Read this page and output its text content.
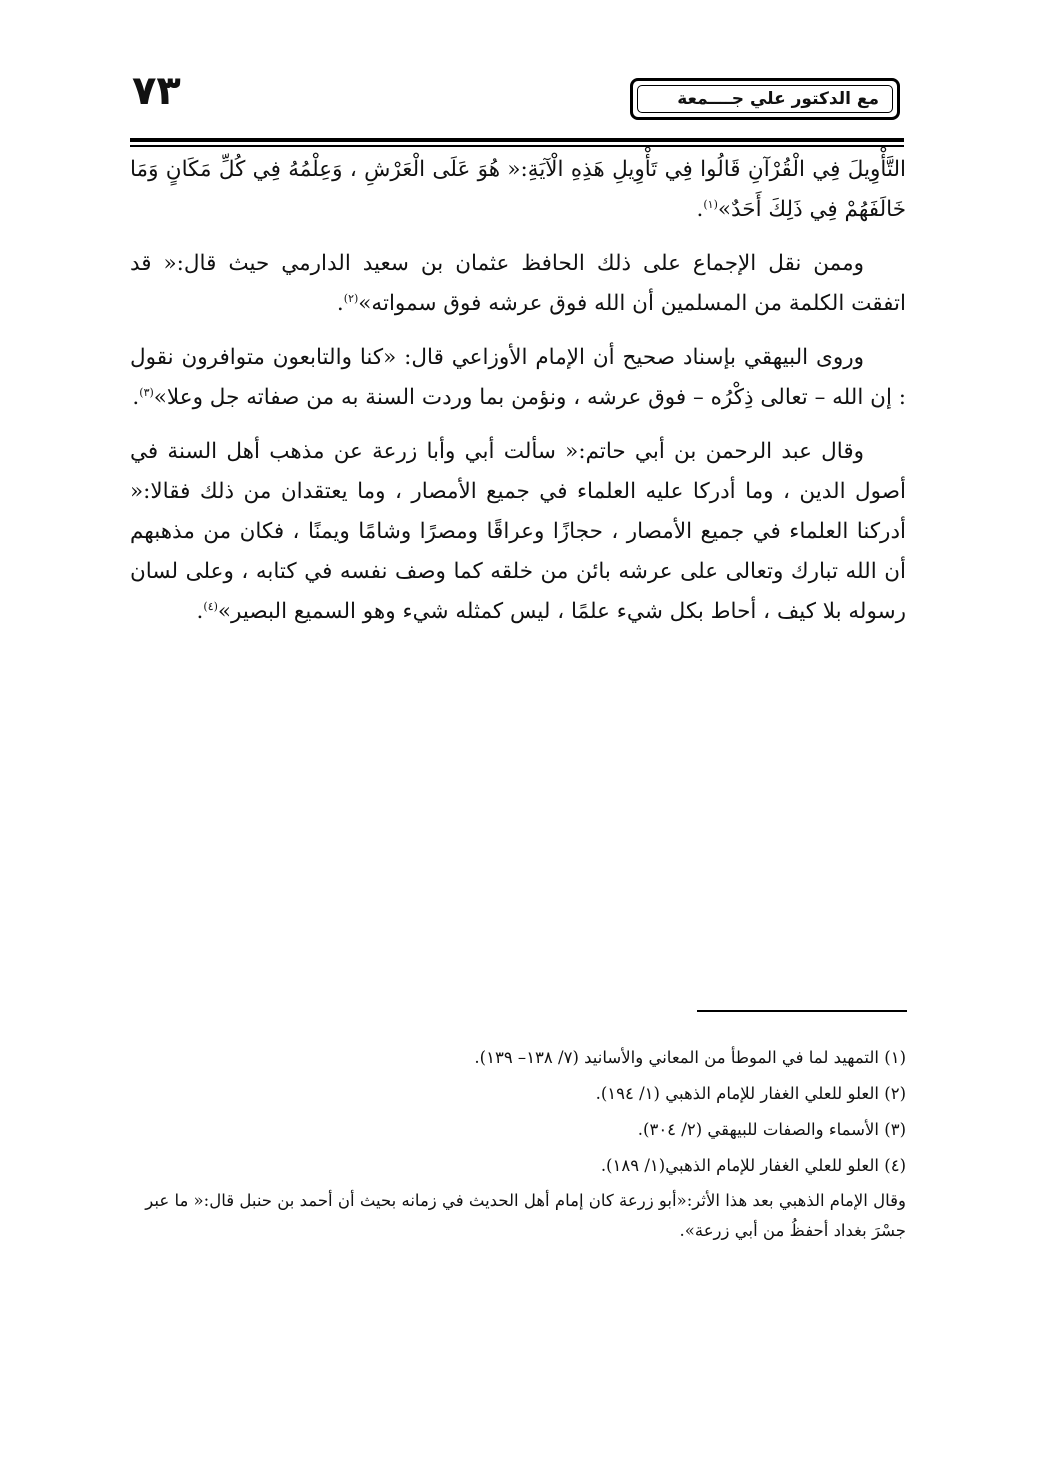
٧٣	مع الدكتور علي جــــمعة

التَّأْوِيلَ فِي الْقُرْآنِ قَالُوا فِي تَأْوِيلِ هَذِهِ الْآيَةِ:« هُوَ عَلَى الْعَرْشِ ، وَعِلْمُهُ فِي كُلِّ مَكَانٍ وَمَا خَالَفَهُمْ فِي ذَلِكَ أَحَدٌ»$^{(١)}$.

وممن نقل الإجماع على ذلك الحافظ عثمان بن سعيد الدارمي حيث قال:« قد اتفقت الكلمة من المسلمين أن الله فوق عرشه فوق سمواته»$^{(٢)}$.

وروى البيهقي بإسناد صحيح أن الإمام الأوزاعي قال: «كنا والتابعون متوافرون نقول : إن الله – تعالى ذِكْرُه – فوق عرشه ، ونؤمن بما وردت السنة به من صفاته جل وعلا»$^{(٣)}$.

وقال عبد الرحمن بن أبي حاتم:« سألت أبي وأبا زرعة عن مذهب أهل السنة في أصول الدين ، وما أدركا عليه العلماء في جميع الأمصار ، وما يعتقدان من ذلك فقالا:« أدركنا العلماء في جميع الأمصار ، حجازًا وعراقًا ومصرًا وشامًا ويمنًا ، فكان من مذهبهم أن الله تبارك وتعالى على عرشه بائن من خلقه كما وصف نفسه في كتابه ، وعلى لسان رسوله بلا كيف ، أحاط بكل شيء علمًا ، ليس كمثله شيء وهو السميع البصير»$^{(٤)}$.

(١) التمهيد لما في الموطأ من المعاني والأسانيد (٧/ ١٣٨– ١٣٩).

(٢) العلو للعلي الغفار للإمام الذهبي (١/ ١٩٤).

(٣) الأسماء والصفات للبيهقي (٢/ ٣٠٤).

(٤) العلو للعلي الغفار للإمام الذهبي(١/ ١٨٩).

وقال الإمام الذهبي بعد هذا الأثر:«أبو زرعة كان إمام أهل الحديث في زمانه بحيث أن أحمد بن حنبل قال:« ما عبر جسْرَ بغداد أحفظُ من أبي زرعة».
